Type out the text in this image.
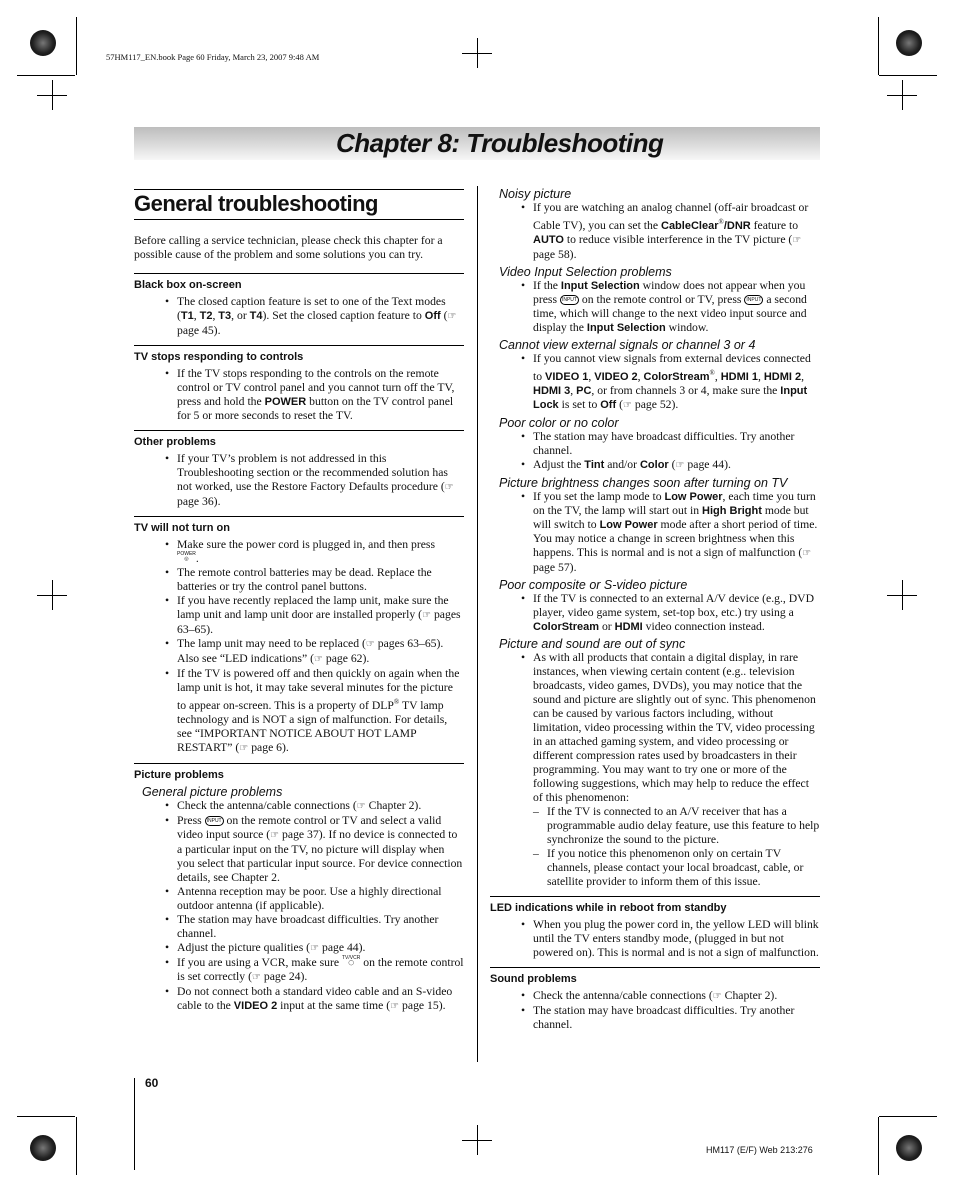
57HM117_EN.book Page 60 Friday, March 23, 2007 9:48 AM
Chapter 8: Troubleshooting
General troubleshooting

Before calling a service technician, please check this chapter for a possible cause of the problem and some solutions you can try.

Black box on-screen
• The closed caption feature is set to one of the Text modes (T1, T2, T3, or T4). Set the closed caption feature to Off (☞ page 45).
TV stops responding to controls
• If the TV stops responding to the controls on the remote control or TV control panel and you cannot turn off the TV, press and hold the POWER button on the TV control panel for 5 or more seconds to reset the TV.
Other problems
• If your TV’s problem is not addressed in this Troubleshooting section or the recommended solution has not worked, use the Restore Factory Defaults procedure (☞ page 36).
TV will not turn on
• Make sure the power cord is plugged in, and then press
POWER
◎ .
• The remote control batteries may be dead. Replace the batteries or try the control panel buttons.
• If you have recently replaced the lamp unit, make sure the lamp unit and lamp unit door are installed properly (☞ pages 63–65).
• The lamp unit may need to be replaced (☞ pages 63–65). Also see “LED indications” (☞ page 62).
• If the TV is powered off and then quickly on again when the lamp unit is hot, it may take several minutes for the picture to appear on-screen. This is a property of DLP® TV lamp technology and is NOT a sign of malfunction. For details, see “IMPORTANT NOTICE ABOUT HOT LAMP RESTART” (☞ page 6).
Picture problems
General picture problems
• Check the antenna/cable connections (☞ Chapter 2).
• Press INPUT on the remote control or TV and select a valid video input source (☞ page 37). If no device is connected to a particular input on the TV, no picture will display when you select that particular input source. For device connection details, see Chapter 2.
• Antenna reception may be poor. Use a highly directional outdoor antenna (if applicable).
• The station may have broadcast difficulties. Try another channel.
• Adjust the picture qualities (☞ page 44).
• If you are using a VCR, make sure TV/VCR
◯ on the remote control is set correctly (☞ page 24).
• Do not connect both a standard video cable and an S-video cable to the VIDEO 2 input at the same time (☞ page 15).
Noisy picture
• If you are watching an analog channel (off-air broadcast or Cable TV), you can set the CableClear®/DNR feature to AUTO to reduce visible interference in the TV picture (☞ page 58).
Video Input Selection problems
• If the Input Selection window does not appear when you press INPUT on the remote control or TV, press INPUT a second time, which will change to the next video input source and display the Input Selection window.
Cannot view external signals or channel 3 or 4
• If you cannot view signals from external devices connected to VIDEO 1, VIDEO 2, ColorStream®, HDMI 1, HDMI 2, HDMI 3, PC, or from channels 3 or 4, make sure the Input Lock is set to Off (☞ page 52).
Poor color or no color
• The station may have broadcast difficulties. Try another channel.
• Adjust the Tint and/or Color (☞ page 44).
Picture brightness changes soon after turning on TV
• If you set the lamp mode to Low Power, each time you turn on the TV, the lamp will start out in High Bright mode but will switch to Low Power mode after a short period of time. You may notice a change in screen brightness when this happens. This is normal and is not a sign of malfunction (☞ page 57).
Poor composite or S-video picture
• If the TV is connected to an external A/V device (e.g., DVD player, video game system, set-top box, etc.) try using a ColorStream or HDMI video connection instead.
Picture and sound are out of sync
• As with all products that contain a digital display, in rare instances, when viewing certain content (e.g.. television broadcasts, video games, DVDs), you may notice that the sound and picture are slightly out of sync. This phenomenon can be caused by various factors including, without limitation, video processing within the TV, video processing in an attached gaming system, and video processing or different compression rates used by broadcasters in their programming. You may want to try one or more of the following suggestions, which may help to reduce the effect of this phenomenon:
– If the TV is connected to an A/V receiver that has a programmable audio delay feature, use this feature to help synchronize the sound to the picture.
– If you notice this phenomenon only on certain TV channels, please contact your local broadcast, cable, or satellite provider to inform them of this issue.
LED indications while in reboot from standby
• When you plug the power cord in, the yellow LED will blink until the TV enters standby mode, (plugged in but not powered on). This is normal and is not a sign of malfunction.
Sound problems
• Check the antenna/cable connections (☞ Chapter 2).
• The station may have broadcast difficulties. Try another channel.
60
HM117 (E/F) Web 213:276
